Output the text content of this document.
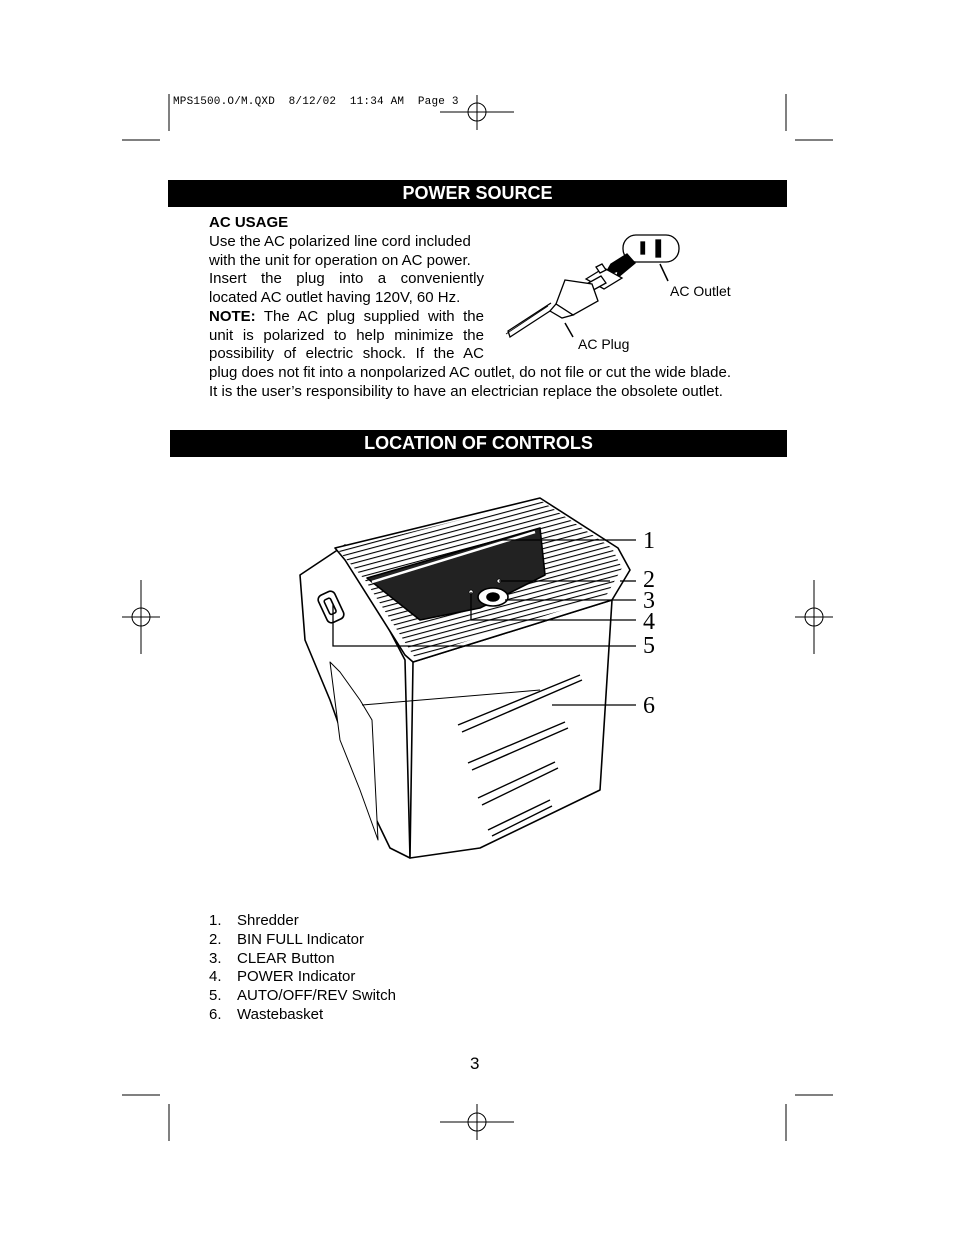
MPS1500.O/M.QXD  8/12/02  11:34 AM  Page 3
POWER SOURCE
AC USAGE

Use the AC polarized line cord included

with the unit for operation on AC power.

Insert the plug into a conveniently

located AC outlet having 120V, 60 Hz.

NOTE: The AC plug supplied with the

unit is polarized to help minimize the

possibility of electric shock. If the AC

plug does not fit into a nonpolarized AC outlet, do not file or cut the wide blade.

It is the user’s responsibility to have an electrician replace the obsolete outlet.

AC Outlet
AC Plug
LOCATION OF CONTROLS
1
2
3
4
5
6
1. Shredder
2. BIN FULL Indicator
3. CLEAR Button
4. POWER Indicator
5. AUTO/OFF/REV Switch
6. Wastebasket
3
